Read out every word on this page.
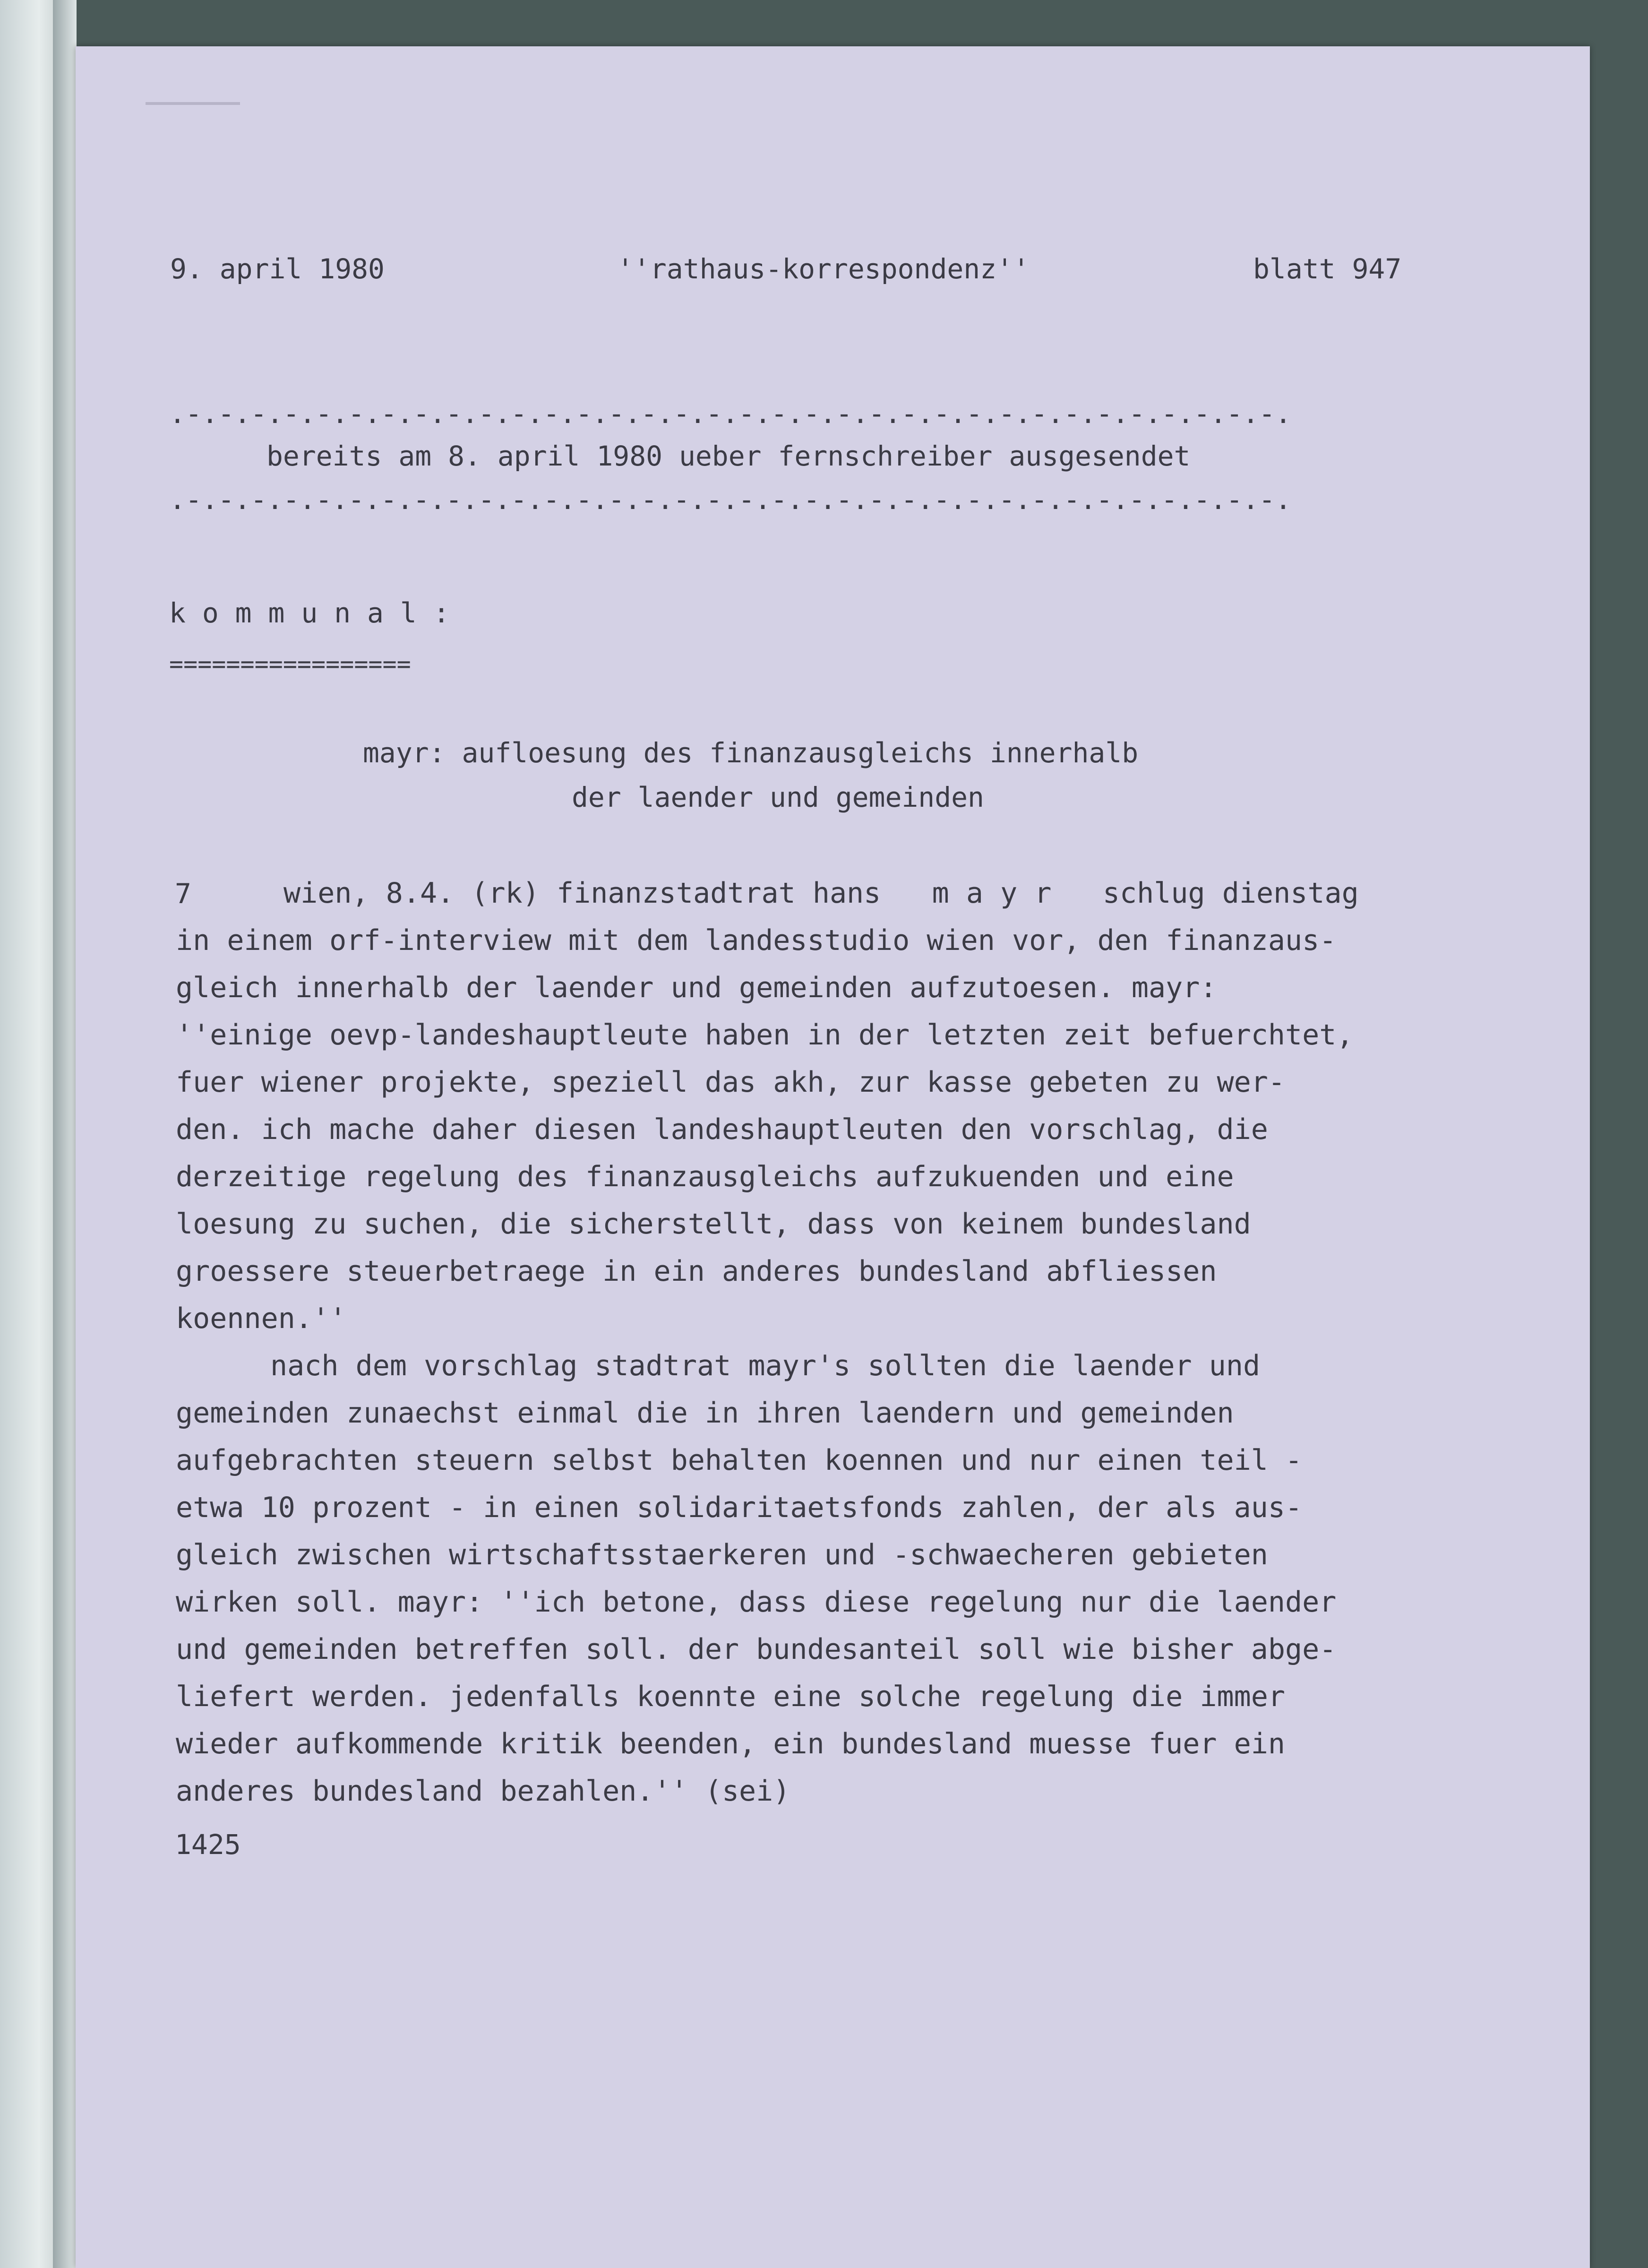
9. april 1980	''rathaus-korrespondenz''	blatt 947

.-.-.-.-.-.-.-.-.-.-.-.-.-.-.-.-.-.-.-.-.-.-.-.-.-.-.-.-.-.-.-.-.-.-.

bereits am 8. april 1980 ueber fernschreiber ausgesendet

.-.-.-.-.-.-.-.-.-.-.-.-.-.-.-.-.-.-.-.-.-.-.-.-.-.-.-.-.-.-.-.-.-.-.

k o m m u n a l :

=================

mayr: aufloesung des finanzausgleichs innerhalb

der laender und gemeinden

7	wien, 8.4. (rk) finanzstadtrat hans   m a y r   schlug dienstag

in einem orf-interview mit dem landesstudio wien vor, den finanzaus-

gleich innerhalb der laender und gemeinden aufzutoesen. mayr:

''einige oevp-landeshauptleute haben in der letzten zeit befuerchtet,

fuer wiener projekte, speziell das akh, zur kasse gebeten zu wer-

den. ich mache daher diesen landeshauptleuten den vorschlag, die

derzeitige regelung des finanzausgleichs aufzukuenden und eine

loesung zu suchen, die sicherstellt, dass von keinem bundesland

groessere steuerbetraege in ein anderes bundesland abfliessen

koennen.''

nach dem vorschlag stadtrat mayr's sollten die laender und

gemeinden zunaechst einmal die in ihren laendern und gemeinden

aufgebrachten steuern selbst behalten koennen und nur einen teil -

etwa 10 prozent - in einen solidaritaetsfonds zahlen, der als aus-

gleich zwischen wirtschaftsstaerkeren und -schwaecheren gebieten

wirken soll. mayr: ''ich betone, dass diese regelung nur die laender

und gemeinden betreffen soll. der bundesanteil soll wie bisher abge-

liefert werden. jedenfalls koennte eine solche regelung die immer

wieder aufkommende kritik beenden, ein bundesland muesse fuer ein

anderes bundesland bezahlen.'' (sei)

1425
